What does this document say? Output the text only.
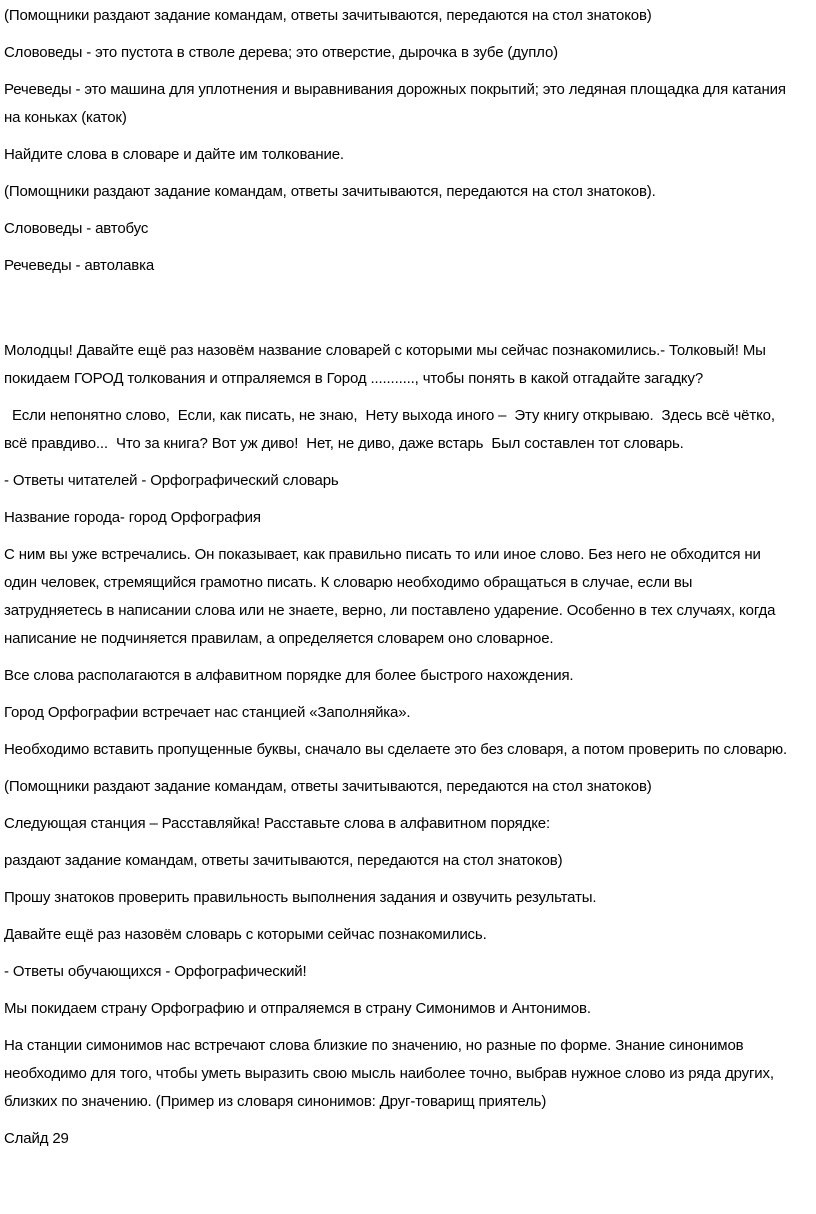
(Помощники раздают задание командам, ответы зачитываются, передаются на стол знатоков)

Слововеды - это пустота в стволе дерева; это отверстие, дырочка в зубе (дупло)

Речеведы - это машина для уплотнения и выравнивания дорожных покрытий; это ледяная площадка для катания на коньках (каток)

Найдите слова в словаре и дайте им толкование.

(Помощники раздают задание командам, ответы зачитываются, передаются на стол знатоков).

Слововеды - автобус

Речеведы - автолавка

Молодцы! Давайте ещё раз назовём название словарей с которыми мы сейчас познакомились.- Толковый! Мы покидаем ГОРОД толкования и отпраляемся в Город ..........., чтобы понять в какой отгадайте загадку?

Если непонятно слово,  Если, как писать, не знаю,  Нету выхода иного –  Эту книгу открываю.  Здесь всё чётко, всё правдиво...  Что за книга? Вот уж диво!  Нет, не диво, даже встарь  Был составлен тот словарь.

- Ответы читателей - Орфографический словарь

Название города- город Орфография

С ним вы уже встречались. Он показывает, как правильно писать то или иное слово. Без него не обходится ни один человек, стремящийся грамотно писать. К словарю необходимо обращаться в случае, если вы затрудняетесь в написании слова или не знаете, верно, ли поставлено ударение. Особенно в тех случаях, когда написание не подчиняется правилам, а определяется словарем оно словарное.

Все слова располагаются в алфавитном порядке для более быстрого нахождения.

Город Орфографии встречает нас станцией «Заполняйка».

Необходимо вставить пропущенные буквы, сначало вы сделаете это без словаря, а потом проверить по словарю.

(Помощники раздают задание командам, ответы зачитываются, передаются на стол знатоков)

Следующая станция – Расставляйка! Расставьте слова в алфавитном порядке:

раздают задание командам, ответы зачитываются, передаются на стол знатоков)

Прошу знатоков проверить правильность выполнения задания и озвучить результаты.

Давайте ещё раз назовём словарь с которыми сейчас познакомились.

- Ответы обучающихся - Орфографический!

Мы покидаем страну Орфографию и отпраляемся в страну Симонимов и Антонимов.

На станции симонимов нас встречают слова близкие по значению, но разные по форме. Знание синонимов необходимо для того, чтобы уметь выразить свою мысль наиболее точно, выбрав нужное слово из ряда других, близких по значению. (Пример из словаря синонимов: Друг-товарищ приятель)

Слайд 29
